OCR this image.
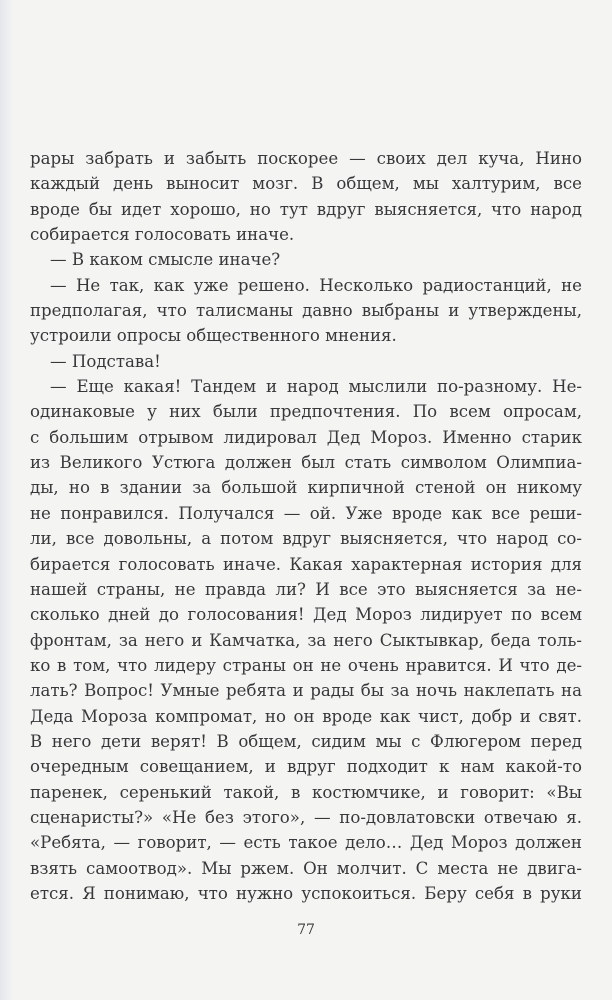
рары забрать и забыть поскорее — своих дел куча, Нино
каждый день выносит мозг. В общем, мы халтурим, все
вроде бы идет хорошо, но тут вдруг выясняется, что народ
собирается голосовать иначе.
— В каком смысле иначе?
— Не так, как уже решено. Несколько радиостанций, не
предполагая, что талисманы давно выбраны и утверждены,
устроили опросы общественного мнения.
— Подстава!
— Еще какая! Тандем и народ мыслили по-разному. Не-
одинаковые у них были предпочтения. По всем опросам,
с большим отрывом лидировал Дед Мороз. Именно старик
из Великого Устюга должен был стать символом Олимпиа-
ды, но в здании за большой кирпичной стеной он никому
не понравился. Получался — ой. Уже вроде как все реши-
ли, все довольны, а потом вдруг выясняется, что народ со-
бирается голосовать иначе. Какая характерная история для
нашей страны, не правда ли? И все это выясняется за не-
сколько дней до голосования! Дед Мороз лидирует по всем
фронтам, за него и Камчатка, за него Сыктывкар, беда толь-
ко в том, что лидеру страны он не очень нравится. И что де-
лать? Вопрос! Умные ребята и рады бы за ночь наклепать на
Деда Мороза компромат, но он вроде как чист, добр и свят.
В него дети верят! В общем, сидим мы с Флюгером перед
очередным совещанием, и вдруг подходит к нам какой-то
паренек, серенький такой, в костюмчике, и говорит: «Вы
сценаристы?» «Не без этого», — по-довлатовски отвечаю я.
«Ребята, — говорит, — есть такое дело… Дед Мороз должен
взять самоотвод». Мы ржем. Он молчит. С места не двига-
ется. Я понимаю, что нужно успокоиться. Беру себя в руки
77
